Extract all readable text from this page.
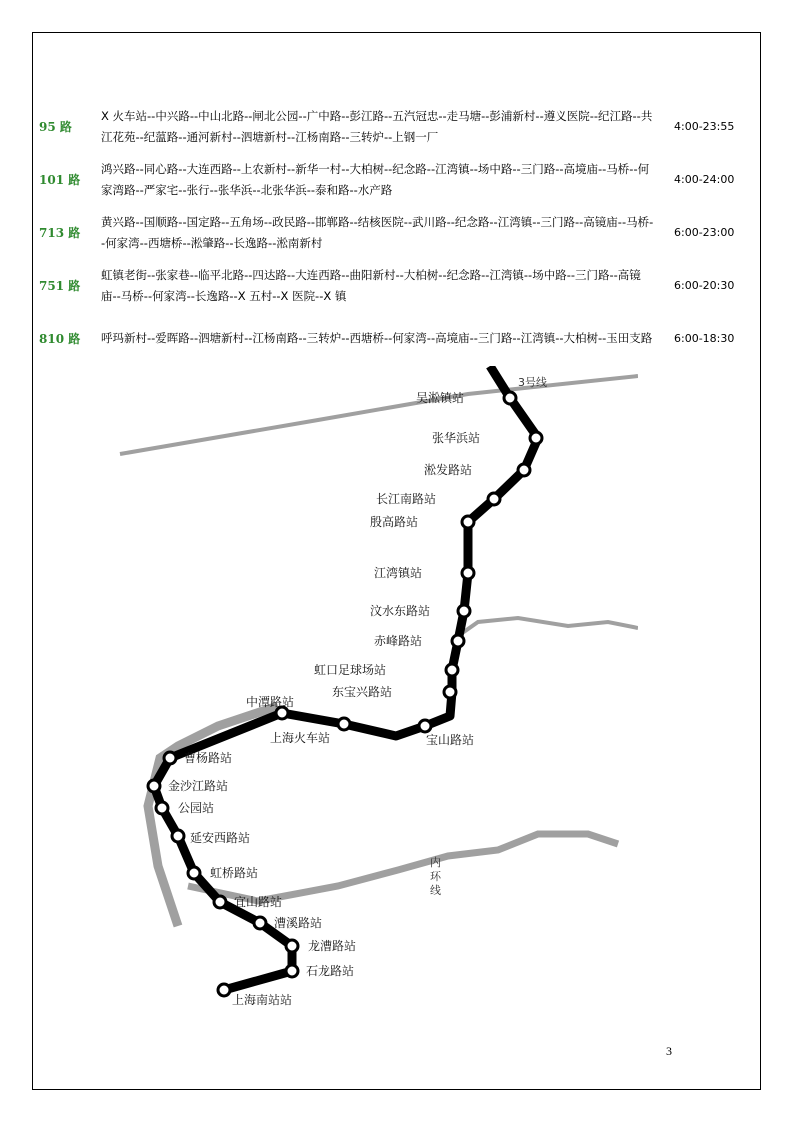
95 路	X 火车站--中兴路--中山北路--闸北公园--广中路--彭江路--五汽冠忠--走马塘--彭浦新村--遵义医院--纪江路--共江花苑--纪蕰路--通河新村--泗塘新村--江杨南路--三转炉--上钢一厂	4:00-23:55
101 路	鸿兴路--同心路--大连西路--上农新村--新华一村--大柏树--纪念路--江湾镇--场中路--三门路--高境庙--马桥--何家湾路--严家宅--张行--张华浜--北张华浜--泰和路--水产路	4:00-24:00
713 路	黄兴路--国顺路--国定路--五角场--政民路--邯郸路--结核医院--武川路--纪念路--江湾镇--三门路--高镜庙--马桥--何家湾--西塘桥--淞肇路--长逸路--淞南新村	6:00-23:00
751 路	虹镇老街--张家巷--临平北路--四达路--大连西路--曲阳新村--大柏树--纪念路--江湾镇--场中路--三门路--高镜庙--马桥--何家湾--长逸路--X 五村--X 医院--X 镇	6:00-20:30
810 路	呼玛新村--爱晖路--泗塘新村--江杨南路--三转炉--西塘桥--何家湾--高境庙--三门路--江湾镇--大柏树--玉田支路	6:00-18:30
吴淞镇站
张华浜站
淞发路站
长江南路站
殷高路站
江湾镇站
汶水东路站
赤峰路站
虹口足球场站
东宝兴路站
宝山路站
上海火车站
中潭路站
曹杨路站
金沙江路站
公园站
延安西路站
虹桥路站
宜山路站
漕溪路站
龙漕路站
石龙路站
上海南站站
3号线
内
环
线
3
